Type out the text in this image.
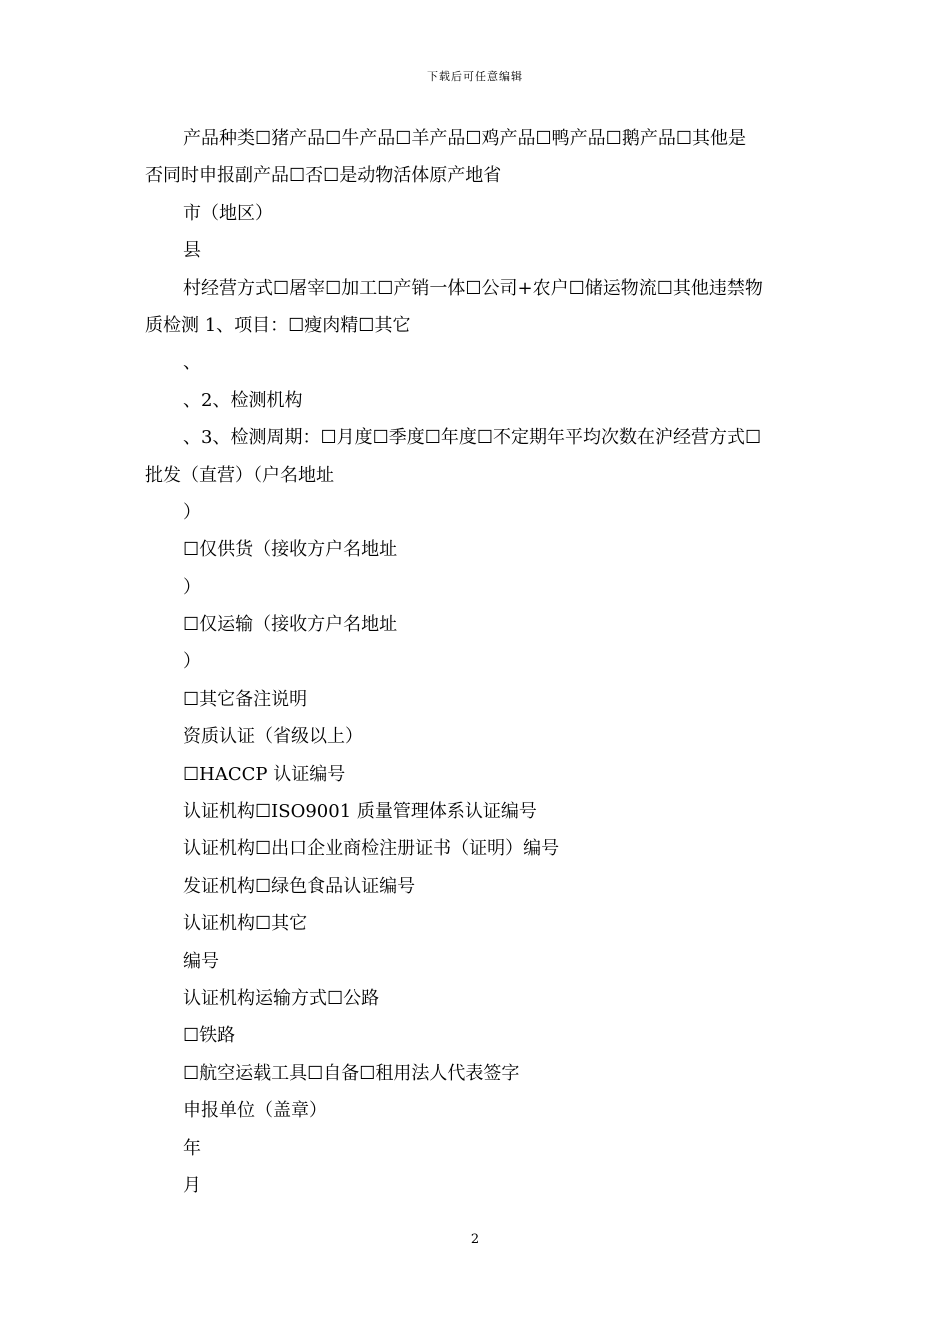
下载后可任意编辑
产品种类☐猪产品☐牛产品☐羊产品☐鸡产品☐鸭产品☐鹅产品☐其他是
否同时申报副产品☐否☐是动物活体原产地省
市（地区）
县
村经营方式☐屠宰☐加工☐产销一体☐公司+农户☐储运物流☐其他违禁物
质检测 1、项目：☐瘦肉精☐其它
、
、2、检测机构
、3、检测周期：☐月度☐季度☐年度☐不定期年平均次数在沪经营方式☐
批发（直营）（户名地址
）
☐仅供货（接收方户名地址
）
☐仅运输（接收方户名地址
）
☐其它备注说明
资质认证（省级以上）
☐HACCP 认证编号
认证机构☐ISO9001 质量管理体系认证编号
认证机构☐出口企业商检注册证书（证明）编号
发证机构☐绿色食品认证编号
认证机构☐其它
编号
认证机构运输方式☐公路
☐铁路
☐航空运载工具☐自备☐租用法人代表签字
申报单位（盖章）
年
月
2
